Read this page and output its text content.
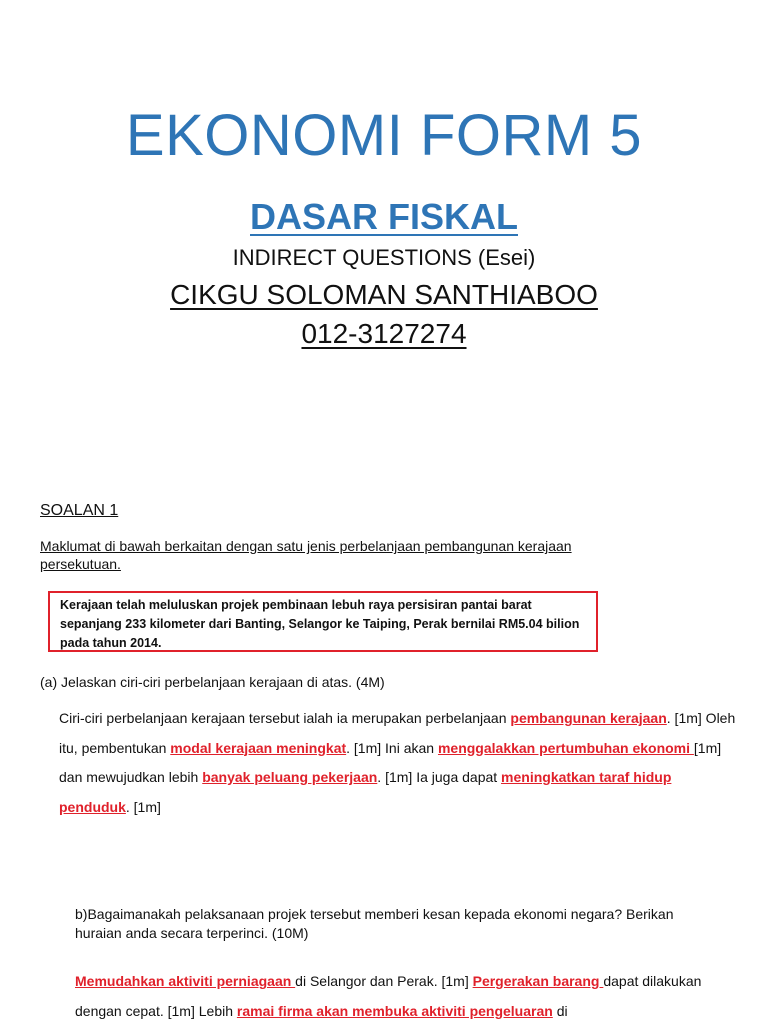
EKONOMI FORM 5
DASAR FISKAL
INDIRECT QUESTIONS (Esei)
CIKGU SOLOMAN SANTHIABOO
012-3127274
SOALAN 1
Maklumat di bawah berkaitan dengan satu jenis perbelanjaan pembangunan kerajaan persekutuan.
Kerajaan telah meluluskan projek pembinaan lebuh raya persisiran pantai barat sepanjang 233 kilometer dari Banting, Selangor ke Taiping, Perak bernilai RM5.04 bilion pada tahun 2014.
(a) Jelaskan ciri-ciri perbelanjaan kerajaan di atas. (4M)
Ciri-ciri perbelanjaan kerajaan tersebut ialah ia merupakan perbelanjaan pembangunan kerajaan. [1m] Oleh itu, pembentukan modal kerajaan meningkat. [1m] Ini akan menggalakkan pertumbuhan ekonomi [1m] dan mewujudkan lebih banyak peluang pekerjaan. [1m] Ia juga dapat meningkatkan taraf hidup penduduk. [1m]
b)Bagaimanakah pelaksanaan projek tersebut memberi kesan kepada ekonomi negara? Berikan huraian anda secara terperinci. (10M)
Memudahkan aktiviti perniagaan di Selangor dan Perak. [1m] Pergerakan barang dapat dilakukan dengan cepat. [1m] Lebih ramai firma akan membuka aktiviti pengeluaran di
